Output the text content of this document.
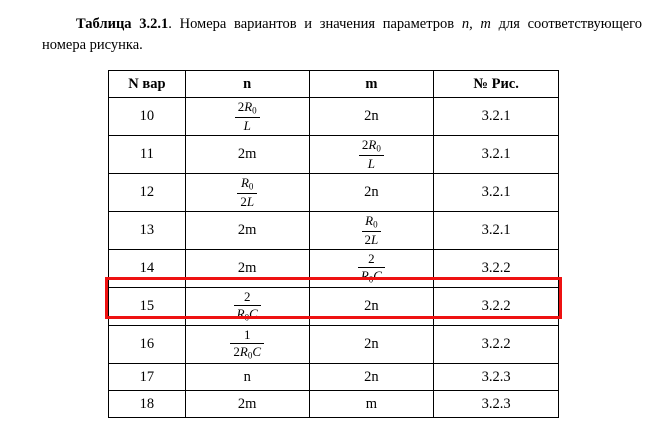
Таблица 3.2.1. Номера вариантов и значения параметров n, m для соответствующего номера рисунка.
N вар	n	m	№ Рис.
10	$\frac{2R_0}{L}$	2n	3.2.1
11	2m	$\frac{2R_0}{L}$	3.2.1
12	$\frac{R_0}{2L}$	2n	3.2.1
13	2m	$\frac{R_0}{2L}$	3.2.1
14	2m	$\frac{2}{R_0C}$	3.2.2
15	$\frac{2}{R_0C}$	2n	3.2.2
16	$\frac{1}{2R_0C}$	2n	3.2.2
17	n	2n	3.2.3
18	2m	m	3.2.3
